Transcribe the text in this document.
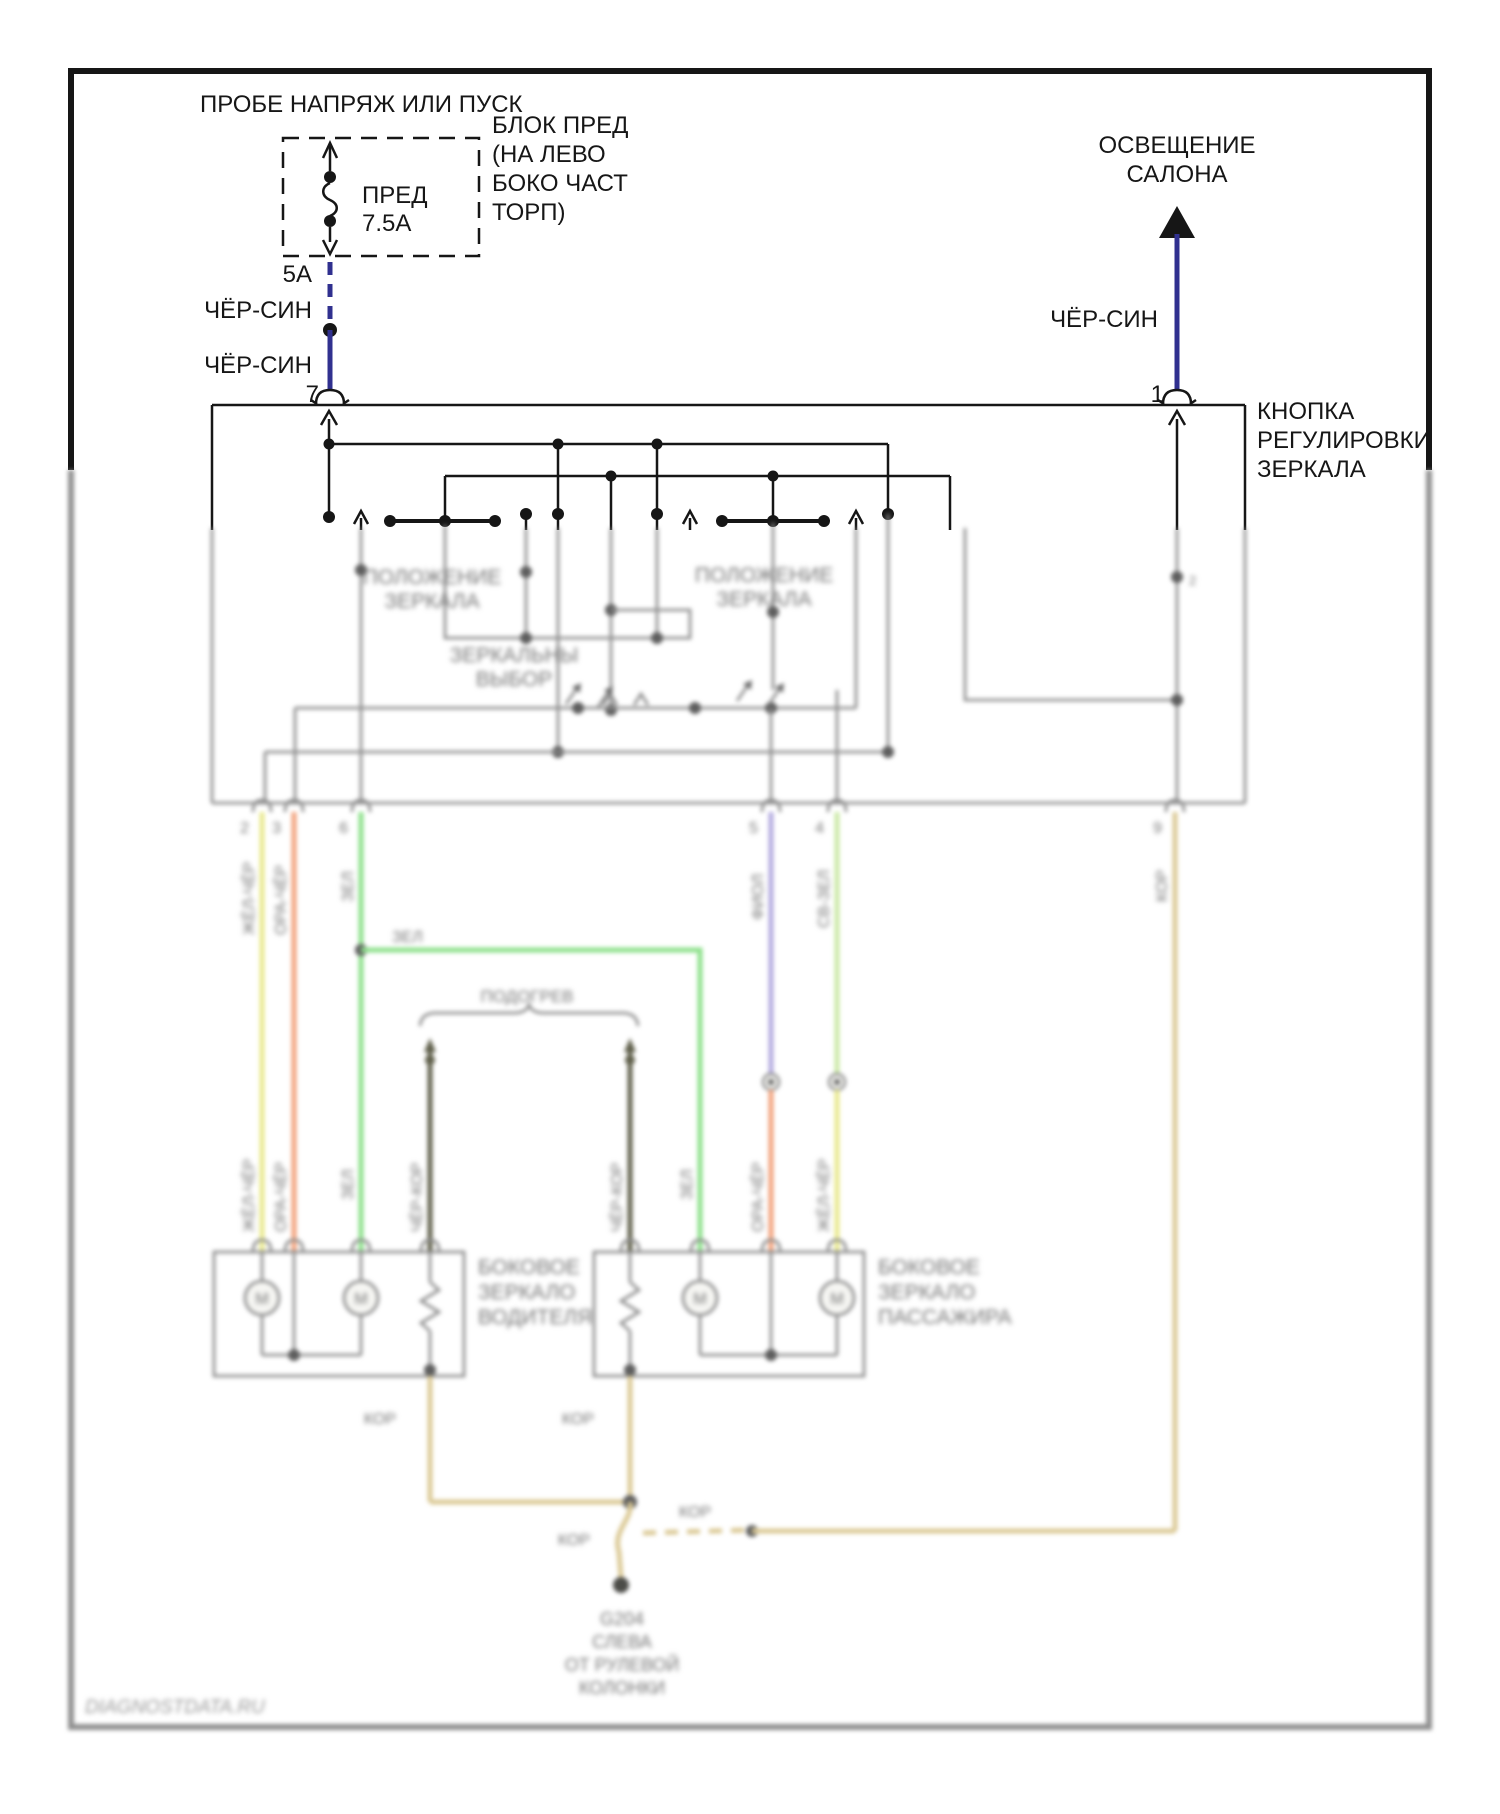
ПРОБЕ НАПРЯЖ ИЛИ ПУСК
ПРЕД
7.5А
БЛОК ПРЕД
(НА ЛЕВО
БОКО ЧАСТ
ТОРП)
5А
ЧЁР-СИН
ЧЁР-СИН
7
ОСВЕЩЕНИЕ
САЛОНА
ЧЁР-СИН
1
КНОПКА
РЕГУЛИРОВКИ
ЗЕРКАЛА
2
ПОЛОЖЕНИЕ
ЗЕРКАЛА
ПОЛОЖЕНИЕ
ЗЕРКАЛА
ЗЕРКАЛЬНЫ
ВЫБОР
2 3	6	5	4	9
ЖЁЛ-ЧЁР ОРА-ЧЁР	ЗЕЛ
ЗЕЛ
ФИОЛ	СВ-ЗЕЛ	КОР
ЖЁЛ-ЧЁР ОРА-ЧЁР	ЗЕЛ	ЧЁР-КОР	ЧЁР-КОР	ЗЕЛ	ОРА-ЧЁР	ЖЁЛ-ЧЁР
ПОДОГРЕВ
М	М
БОКОВОЕ
ЗЕРКАЛО
ВОДИТЕЛЯ
М	М
БОКОВОЕ
ЗЕРКАЛО
ПАССАЖИРА
КОР	КОР
КОР
КОР
G204
СЛЕВА
ОТ РУЛЕВОЙ
КОЛОНКИ
DIAGNOSTDATA.RU
